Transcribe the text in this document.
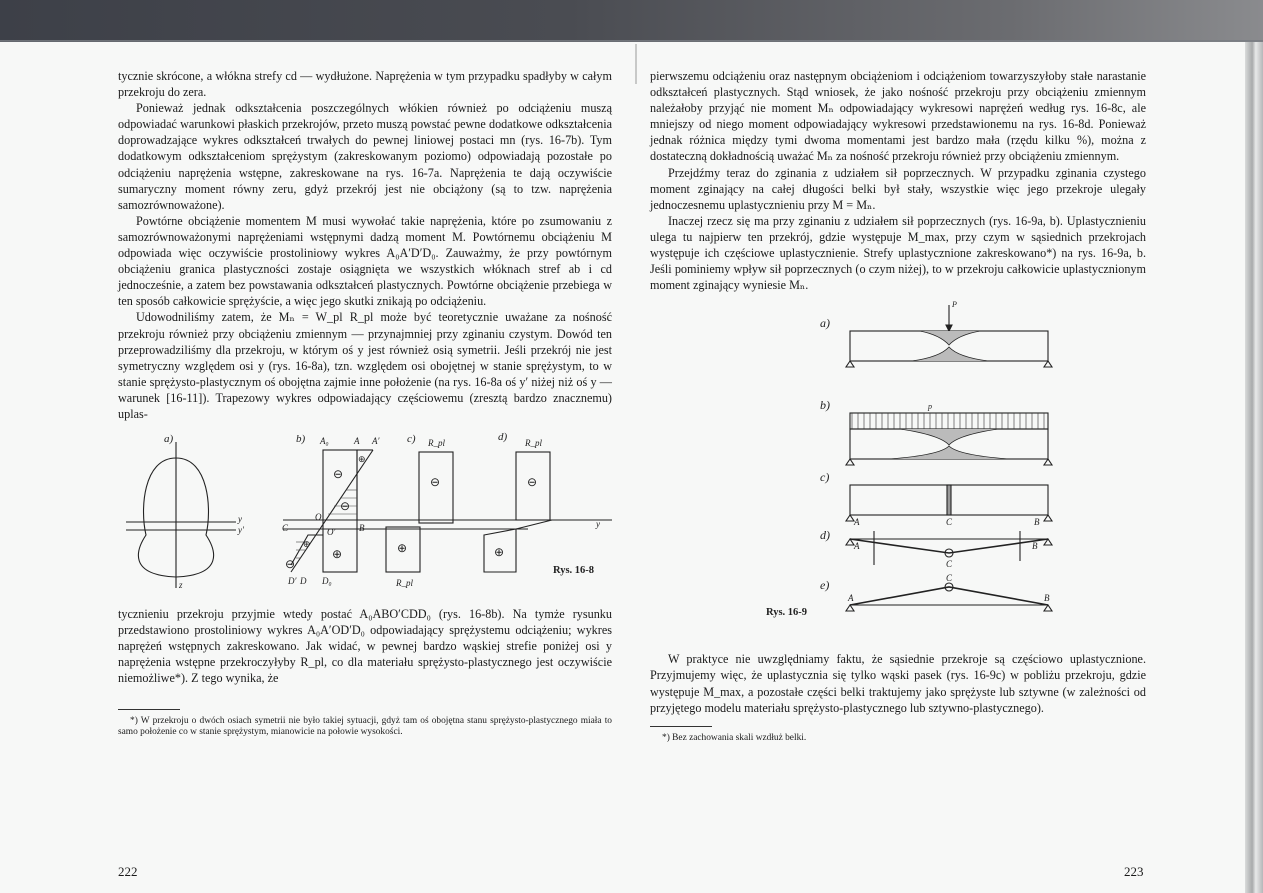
tycznie skrócone, a włókna strefy cd — wydłużone. Naprężenia w tym przypadku spadłyby w całym przekroju do zera.

Ponieważ jednak odkształcenia poszczególnych włókien również po odciążeniu muszą odpowiadać warunkowi płaskich przekrojów, przeto muszą powstać pewne dodatkowe odkształcenia doprowadzające wykres odkształceń trwałych do pewnej liniowej postaci mn (rys. 16-7b). Tym dodatkowym odkształceniom sprężystym (zakreskowanym poziomo) odpowiadają pozostałe po odciążeniu naprężenia wstępne, zakreskowane na rys. 16-7a. Naprężenia te dają oczywiście sumaryczny moment równy zeru, gdyż przekrój jest nie obciążony (są to tzw. naprężenia samozrównoważone).

Powtórne obciążenie momentem M musi wywołać takie naprężenia, które po zsumowaniu z samozrównoważonymi naprężeniami wstępnymi dadzą moment M. Powtórnemu obciążeniu M odpowiada więc oczywiście prostoliniowy wykres A₀A′D′D₀. Zauważmy, że przy powtórnym obciążeniu granica plastyczności zostaje osiągnięta we wszystkich włóknach stref ab i cd jednocześnie, a zatem bez powstawania odkształceń plastycznych. Powtórne obciążenie przebiega w ten sposób całkowicie sprężyście, a więc jego skutki znikają po odciążeniu.

Udowodniliśmy zatem, że Mₙ = W_pl R_pl może być teoretycznie uważane za nośność przekroju również przy obciążeniu zmiennym — przynajmniej przy zginaniu czystym. Dowód ten przeprowadziliśmy dla przekroju, w którym oś y jest również osią symetrii. Jeśli przekrój nie jest symetryczny względem osi y (rys. 16-8a), tzn. względem osi obojętnej w stanie sprężystym, to w stanie sprężysto-plastycznym oś obojętna zajmie inne położenie (na rys. 16-8a oś y′ niżej niż oś y — warunek [16-11]). Trapezowy wykres odpowiadający częściowemu (zresztą bardzo znacznemu) uplas-

a)	b)	c)	d)
A₀	A A′
O
O′	B
C
D′ D D₀
R_pl
R_pl
R_pl
y
y′
y
z
⊖
⊖
⊕
⊕
⊕
⊖
⊖
⊕
⊖
⊕
Rys. 16-8

tycznieniu przekroju przyjmie wtedy postać A₀ABO′CDD₀ (rys. 16-8b). Na tymże rysunku przedstawiono prostoliniowy wykres A₀A′OD′D₀ odpowiadający sprężystemu odciążeniu; wykres naprężeń wstępnych zakreskowano. Jak widać, w pewnej bardzo wąskiej strefie poniżej osi y naprężenia wstępne przekroczyłyby R_pl, co dla materiału sprężysto-plastycznego jest oczywiście niemożliwe*). Z tego wynika, że

*) W przekroju o dwóch osiach symetrii nie było takiej sytuacji, gdyż tam oś obojętna stanu sprężysto-plastycznego miała to samo położenie co w stanie sprężystym, mianowicie na połowie wysokości.

222

pierwszemu odciążeniu oraz następnym obciążeniom i odciążeniom towarzyszyłoby stałe narastanie odkształceń plastycznych. Stąd wniosek, że jako nośność przekroju przy obciążeniu zmiennym należałoby przyjąć nie moment Mₙ odpowiadający wykresowi naprężeń według rys. 16-8c, ale mniejszy od niego moment odpowiadający wykresowi przedstawionemu na rys. 16-8d. Ponieważ jednak różnica między tymi dwoma momentami jest bardzo mała (rzędu kilku %), można z dostateczną dokładnością uważać Mₙ za nośność przekroju również przy obciążeniu zmiennym.

Przejdźmy teraz do zginania z udziałem sił poprzecznych. W przypadku zginania czystego moment zginający na całej długości belki był stały, wszystkie więc jego przekroje ulegały jednoczesnemu uplastycznieniu przy M = Mₙ.

Inaczej rzecz się ma przy zginaniu z udziałem sił poprzecznych (rys. 16-9a, b). Uplastycznieniu ulega tu najpierw ten przekrój, gdzie występuje M_max, przy czym w sąsiednich przekrojach występuje ich częściowe uplastycznienie. Strefy uplastycznione zakreskowano*) na rys. 16-9a, b. Jeśli pominiemy wpływ sił poprzecznych (o czym niżej), to w przekroju całkowicie uplastycznionym moment zginający wyniesie Mₙ.

a)
b)
c)
d)
e)
P
p
A	C	B
A
C
B
A
C
B
Rys. 16-9

W praktyce nie uwzględniamy faktu, że sąsiednie przekroje są częściowo uplastycznione. Przyjmujemy więc, że uplastycznia się tylko wąski pasek (rys. 16-9c) w pobliżu przekroju, gdzie występuje M_max, a pozostałe części belki traktujemy jako sprężyste lub sztywne (w zależności od przyjętego modelu materiału sprężysto-plastycznego lub sztywno-plastycznego).

*) Bez zachowania skali wzdłuż belki.

223
